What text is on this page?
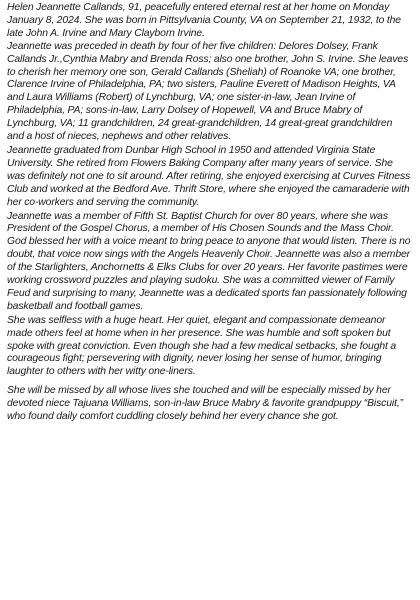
Helen Jeannette Callands, 91, peacefully entered eternal rest at her home on Monday January 8, 2024. She was born in Pittsylvania County, VA on September 21, 1932, to the late John A. Irvine and Mary Clayborn Irvine.

Jeannette was preceded in death by four of her five children: Delores Dolsey, Frank Callands Jr.,Cynthia Mabry and Brenda Ross; also one brother, John S. Irvine. She leaves to cherish her memory one son, Gerald Callands (Sheliah) of Roanoke VA; one brother, Clarence Irvine of Philadelphia, PA; two sisters, Pauline Everett of Madison Heights, VA and Laura Williams (Robert) of Lynchburg, VA; one sister-in-law, Jean Irvine of Philadelphia, PA; sons-in-law, Larry Dolsey of Hopewell, VA and Bruce Mabry of Lynchburg, VA; 11 grandchildren, 24 great-grandchildren, 14 great-great grandchildren and a host of nieces, nephews and other relatives.

Jeannette graduated from Dunbar High School in 1950 and attended Virginia State University. She retired from Flowers Baking Company after many years of service. She was definitely not one to sit around. After retiring, she enjoyed exercising at Curves Fitness Club and worked at the Bedford Ave. Thrift Store, where she enjoyed the camaraderie with her co-workers and serving the community.

Jeannette was a member of Fifth St. Baptist Church for over 80 years, where she was President of the Gospel Chorus, a member of His Chosen Sounds and the Mass Choir. God blessed her with a voice meant to bring peace to anyone that would listen. There is no doubt, that voice now sings with the Angels Heavenly Choir. Jeannette was also a member of the Starlighters, Anchornetts & Elks Clubs for over 20 years. Her favorite pastimes were working crossword puzzles and playing sudoku. She was a committed viewer of Family Feud and surprising to many, Jeannette was a dedicated sports fan passionately following basketball and football games.

She was selfless with a huge heart. Her quiet, elegant and compassionate demeanor made others feel at home when in her presence. She was humble and soft spoken but spoke with great conviction. Even though she had a few medical setbacks, she fought a courageous fight; persevering with dignity, never losing her sense of humor, bringing laughter to others with her witty one-liners.

She will be missed by all whose lives she touched and will be especially missed by her devoted niece Tajuana Williams, son-in-law Bruce Mabry & favorite grandpuppy “Biscuit,” who found daily comfort cuddling closely behind her every chance she got.
